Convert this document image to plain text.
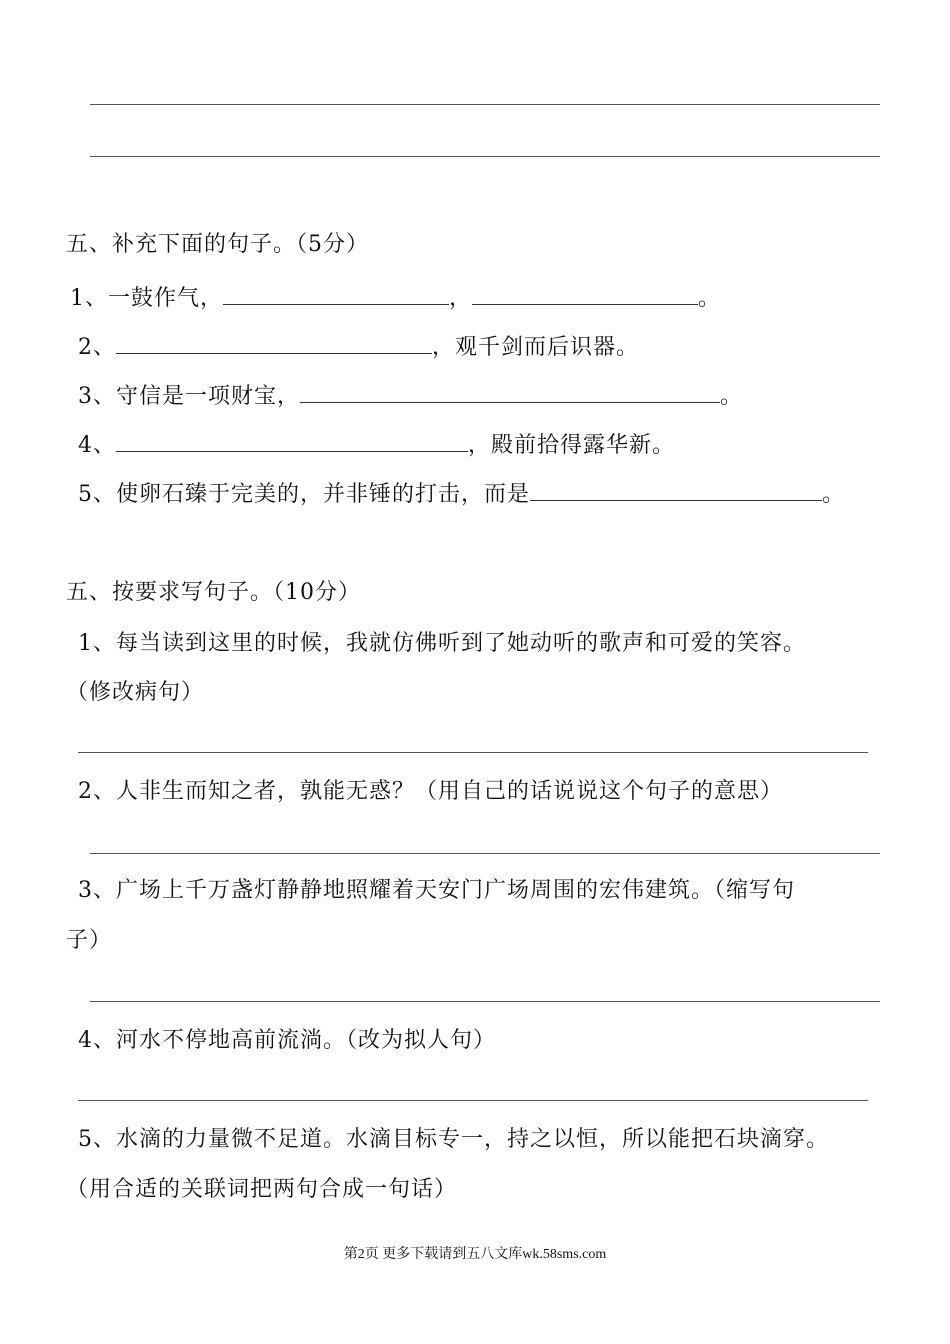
五、补充下面的句子。（5分）
1、一鼓作气，	，	。
2、	，观千剑而后识器。
3、守信是一项财宝，	。
4、	，殿前拾得露华新。
5、使卵石臻于完美的，并非锤的打击，而是	。
五、按要求写句子。（10分）
1、每当读到这里的时候，我就仿佛听到了她动听的歌声和可爱的笑容。
（修改病句）
2、人非生而知之者，孰能无惑？（用自己的话说说这个句子的意思）
3、广场上千万盏灯静静地照耀着天安门广场周围的宏伟建筑。（缩写句
子）
4、河水不停地高前流淌。（改为拟人句）
5、水滴的力量微不足道。水滴目标专一，持之以恒，所以能把石块滴穿。
（用合适的关联词把两句合成一句话）
第2页 更多下载请到五八文库wk.58sms.com
